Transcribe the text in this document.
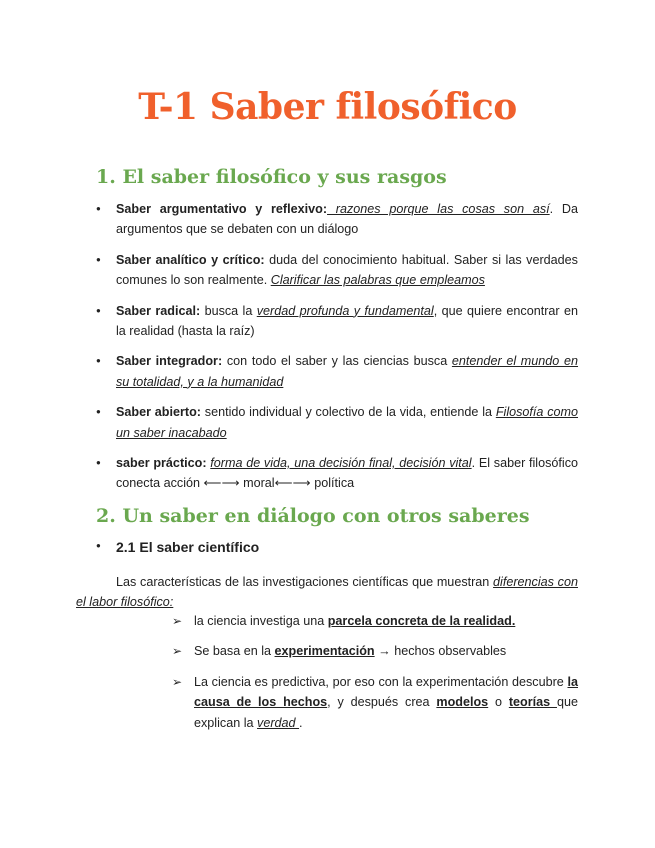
T-1 Saber filosófico
1. El saber filosófico y sus rasgos
● Saber argumentativo y reflexivo: razones porque las cosas son así. Da argumentos que se debaten con un diálogo
● Saber analítico y crítico: duda del conocimiento habitual. Saber si las verdades comunes lo son realmente. Clarificar las palabras que empleamos
● Saber radical: busca la verdad profunda y fundamental, que quiere encontrar en la realidad (hasta la raíz)
● Saber integrador: con todo el saber y las ciencias busca entender el mundo en su totalidad, y a la humanidad
● Saber abierto: sentido individual y colectivo de la vida, entiende la Filosofía como un saber inacabado
● saber práctico: forma de vida, una decisión final, decisión vital. El saber filosófico conecta acción ⟵⟶ moral⟵⟶ política
2. Un saber en diálogo con otros saberes
● 2.1 El saber científico
Las características de las investigaciones científicas que muestran diferencias con el labor filosófico:
➢ la ciencia investiga una parcela concreta de la realidad.
➢ Se basa en la experimentación → hechos observables
➢ La ciencia es predictiva, por eso con la experimentación descubre la causa de los hechos, y después crea modelos o teorías que explican la verdad .
